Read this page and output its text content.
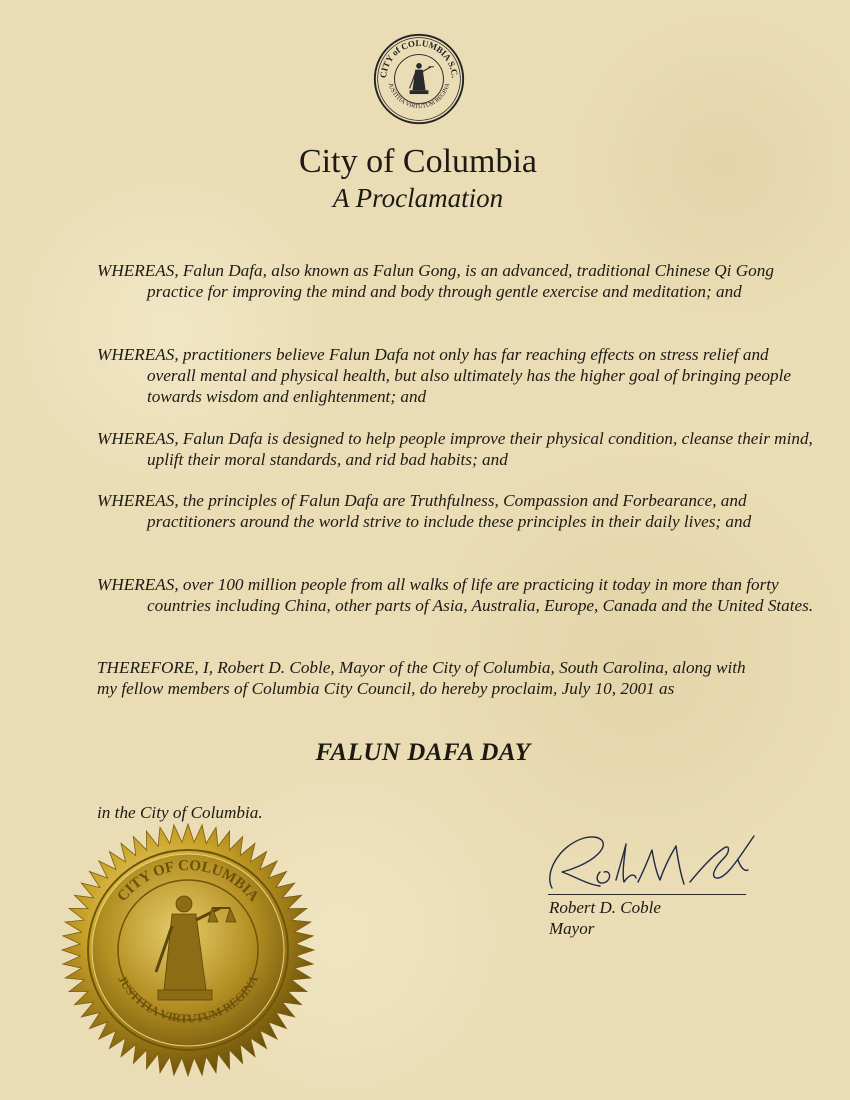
CITY of COLUMBIA S.C.
JUSTITIA VIRTUTUM REGINA
City of Columbia
A Proclamation
WHEREAS, Falun Dafa, also known as Falun Gong, is an advanced, traditional Chinese Qi Gong practice for improving the mind and body through gentle exercise and meditation; and
WHEREAS, practitioners believe Falun Dafa not only has far reaching effects on stress relief and overall mental and physical health, but also ultimately has the higher goal of bringing people towards wisdom and enlightenment; and
WHEREAS, Falun Dafa is designed to help people improve their physical condition, cleanse their mind, uplift their moral standards, and rid bad habits; and
WHEREAS, the principles of Falun Dafa are Truthfulness, Compassion and Forbearance, and practitioners around the world strive to include these principles in their daily lives; and
WHEREAS, over 100 million people from all walks of life are practicing it today in more than forty countries including China, other parts of Asia, Australia, Europe, Canada and the United States.
THEREFORE, I, Robert D. Coble, Mayor of the City of Columbia, South Carolina, along with my fellow members of Columbia City Council, do hereby proclaim, July 10, 2001 as
FALUN DAFA DAY
in the City of Columbia.
CITY OF COLUMBIA
JUSTITIA VIRTUTUM REGINA
Robert D. Coble
Mayor
